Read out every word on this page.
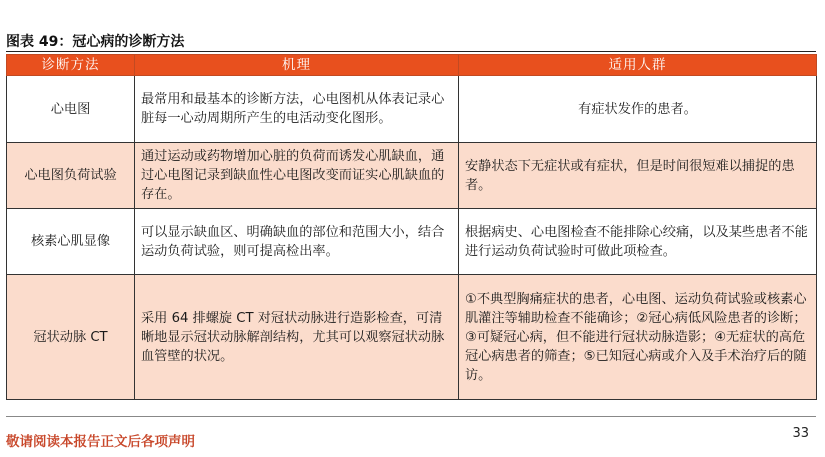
图表 49：冠心病的诊断方法
诊断方法	机理	适用人群
心电图	最常用和最基本的诊断方法，心电图机从体表记录心脏每一心动周期所产生的电活动变化图形。	有症状发作的患者。
心电图负荷试验	通过运动或药物增加心脏的负荷而诱发心肌缺血，通过心电图记录到缺血性心电图改变而证实心肌缺血的存在。	安静状态下无症状或有症状，但是时间很短难以捕捉的患者。
核素心肌显像	可以显示缺血区、明确缺血的部位和范围大小，结合运动负荷试验，则可提高检出率。	根据病史、心电图检查不能排除心绞痛，以及某些患者不能进行运动负荷试验时可做此项检查。
冠状动脉 CT	采用 64 排螺旋 CT 对冠状动脉进行造影检查，可清晰地显示冠状动脉解剖结构，尤其可以观察冠状动脉血管壁的状况。	①不典型胸痛症状的患者，心电图、运动负荷试验或核素心肌灌注等辅助检查不能确诊；②冠心病低风险患者的诊断；③可疑冠心病，但不能进行冠状动脉造影；④无症状的高危冠心病患者的筛查；⑤已知冠心病或介入及手术治疗后的随访。
敬请阅读本报告正文后各项声明
33
